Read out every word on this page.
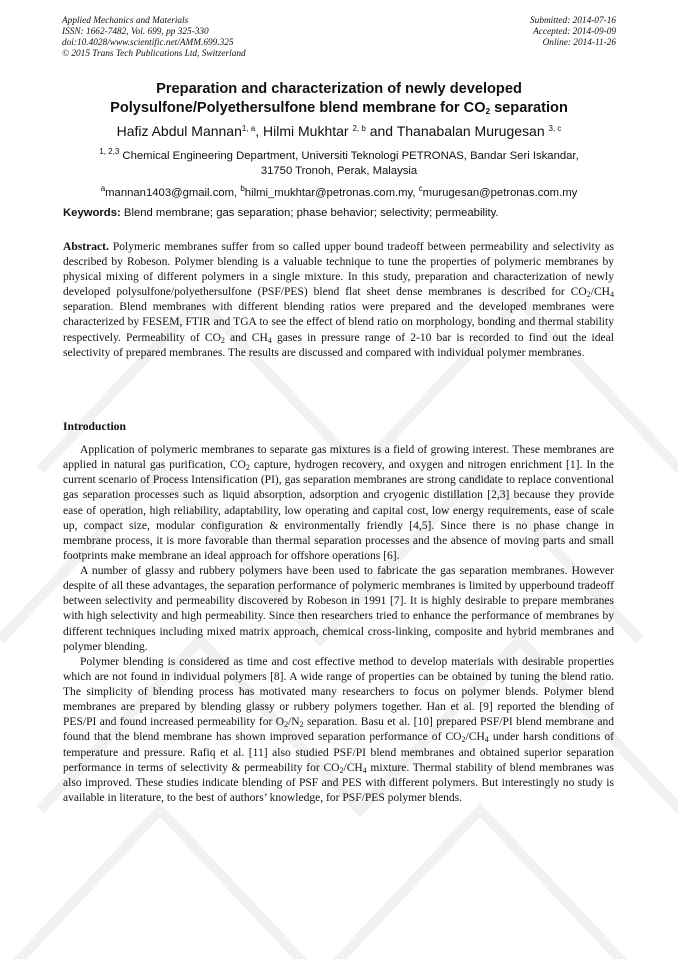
Applied Mechanics and Materials
ISSN: 1662-7482, Vol. 699, pp 325-330
doi:10.4028/www.scientific.net/AMM.699.325
© 2015 Trans Tech Publications Ltd, Switzerland
Submitted: 2014-07-16
Accepted: 2014-09-09
Online: 2014-11-26
Preparation and characterization of newly developed
Polysulfone/Polyethersulfone blend membrane for $CO_2$ separation
Hafiz Abdul Mannan$^{1, a}$, Hilmi Mukhtar $^{2, b}$ and Thanabalan Murugesan $^{3, c}$
$^{1, 2,3}$ Chemical Engineering Department, Universiti Teknologi PETRONAS, Bandar Seri Iskandar,
31750 Tronoh, Perak, Malaysia
$^a$mannan1403@gmail.com, $^b$hilmi_mukhtar@petronas.com.my, $^c$murugesan@petronas.com.my
Keywords: Blend membrane; gas separation; phase behavior; selectivity; permeability.

Abstract. Polymeric membranes suffer from so called upper bound tradeoff between permeability and selectivity as described by Robeson. Polymer blending is a valuable technique to tune the properties of polymeric membranes by physical mixing of different polymers in a single mixture. In this study, preparation and characterization of newly developed polysulfone/polyethersulfone (PSF/PES) blend flat sheet dense membranes is described for $CO_2/CH_4$ separation. Blend membranes with different blending ratios were prepared and the developed membranes were characterized by FESEM, FTIR and TGA to see the effect of blend ratio on morphology, bonding and thermal stability respectively. Permeability of $CO_2$ and $CH_4$ gases in pressure range of 2-10 bar is recorded to find out the ideal selectivity of prepared membranes. The results are discussed and compared with individual polymer membranes.

Introduction

Application of polymeric membranes to separate gas mixtures is a field of growing interest. These membranes are applied in natural gas purification, $CO_2$ capture, hydrogen recovery, and oxygen and nitrogen enrichment [1]. In the current scenario of Process Intensification (PI), gas separation membranes are strong candidate to replace conventional gas separation processes such as liquid absorption, adsorption and cryogenic distillation [2,3] because they provide ease of operation, high reliability, adaptability, low operating and capital cost, low energy requirements, ease of scale up, compact size, modular configuration & environmentally friendly [4,5]. Since there is no phase change in membrane process, it is more favorable than thermal separation processes and the absence of moving parts and small footprints make membrane an ideal approach for offshore operations [6].

A number of glassy and rubbery polymers have been used to fabricate the gas separation membranes. However despite of all these advantages, the separation performance of polymeric membranes is limited by upperbound tradeoff between selectivity and permeability discovered by Robeson in 1991 [7]. It is highly desirable to prepare membranes with high selectivity and high permeability. Since then researchers tried to enhance the performance of membranes by different techniques including mixed matrix approach, chemical cross-linking, composite and hybrid membranes and polymer blending.

Polymer blending is considered as time and cost effective method to develop materials with desirable properties which are not found in individual polymers [8]. A wide range of properties can be obtained by tuning the blend ratio. The simplicity of blending process has motivated many researchers to focus on polymer blends. Polymer blend membranes are prepared by blending glassy or rubbery polymers together. Han et al. [9] reported the blending of PES/PI and found increased permeability for $O_2/N_2$ separation. Basu et al. [10] prepared PSF/PI blend membrane and found that the blend membrane has shown improved separation performance of $CO_2/CH_4$ under harsh conditions of temperature and pressure. Rafiq et al. [11] also studied PSF/PI blend membranes and obtained superior separation performance in terms of selectivity & permeability for $CO_2/CH_4$ mixture. Thermal stability of blend membranes was also improved. These studies indicate blending of PSF and PES with different polymers. But interestingly no study is available in literature, to the best of authors’ knowledge, for PSF/PES polymer blends.
